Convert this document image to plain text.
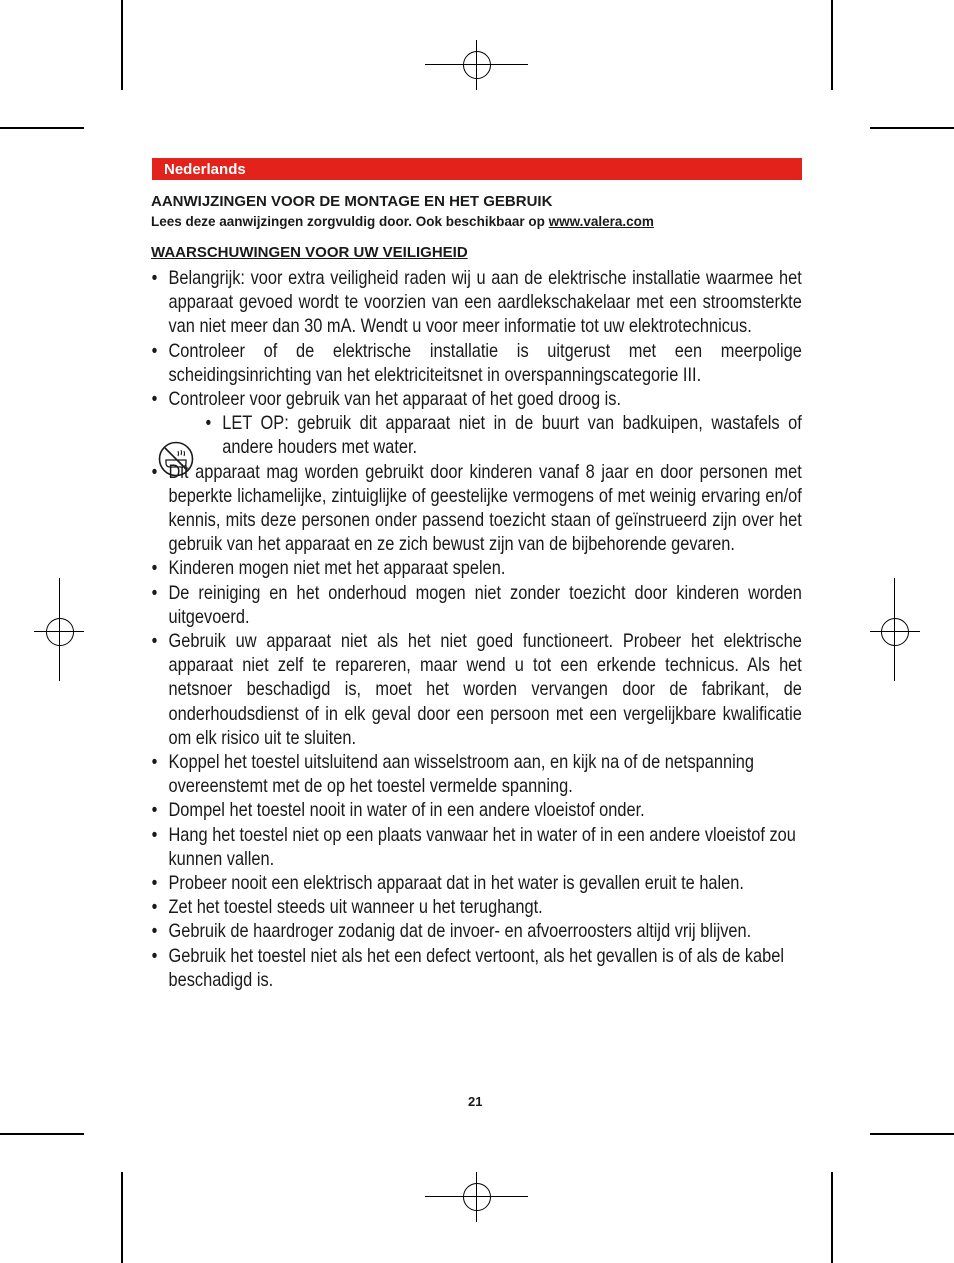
Nederlands
AANWIJZINGEN VOOR DE MONTAGE EN HET GEBRUIK
Lees deze aanwijzingen zorgvuldig door. Ook beschikbaar op www.valera.com
WAARSCHUWINGEN VOOR UW VEILIGHEID
• Belangrijk: voor extra veiligheid raden wij u aan de elektrische installatie waarmee het apparaat gevoed wordt te voorzien van een aardlekschakelaar met een stroomsterkte van niet meer dan 30 mA. Wendt u voor meer informatie tot uw elektrotechnicus.
• Controleer of de elektrische installatie is uitgerust met een meerpolige scheidingsinrichting van het elektriciteitsnet in overspanningscategorie III.
• Controleer voor gebruik van het apparaat of het goed droog is.
• LET OP: gebruik dit apparaat niet in de buurt van badkuipen, wastafels of andere houders met water.
• Dit apparaat mag worden gebruikt door kinderen vanaf 8 jaar en door personen met beperkte lichamelijke, zintuiglijke of geestelijke vermogens of met weinig ervaring en/of kennis, mits deze personen onder passend toezicht staan of geïnstrueerd zijn over het gebruik van het apparaat en ze zich bewust zijn van de bijbehorende gevaren.
• Kinderen mogen niet met het apparaat spelen.
• De reiniging en het onderhoud mogen niet zonder toezicht door kinderen worden uitgevoerd.
• Gebruik uw apparaat niet als het niet goed functioneert. Probeer het elektrische apparaat niet zelf te repareren, maar wend u tot een erkende technicus. Als het netsnoer beschadigd is, moet het worden vervangen door de fabrikant, de onderhoudsdienst of in elk geval door een persoon met een vergelijkbare kwalificatie om elk risico uit te sluiten.
• Koppel het toestel uitsluitend aan wisselstroom aan, en kijk na of de netspanning overeenstemt met de op het toestel vermelde spanning.
• Dompel het toestel nooit in water of in een andere vloeistof onder.
• Hang het toestel niet op een plaats vanwaar het in water of in een andere vloeistof zou kunnen vallen.
• Probeer nooit een elektrisch apparaat dat in het water is gevallen eruit te halen.
• Zet het toestel steeds uit wanneer u het terughangt.
• Gebruik de haardroger zodanig dat de invoer- en afvoerroosters altijd vrij blijven.
• Gebruik het toestel niet als het een defect vertoont, als het gevallen is of als de kabel beschadigd is.
21
